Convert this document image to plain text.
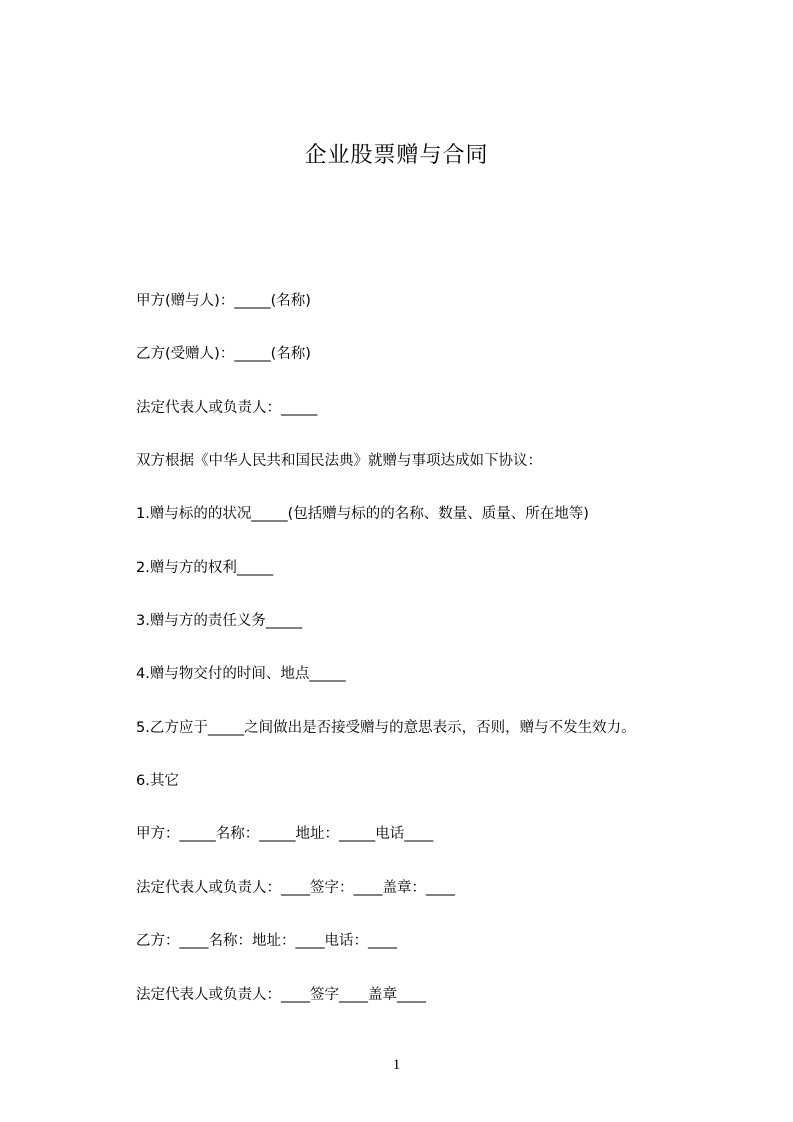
企业股票赠与合同
甲方(赠与人)：_____(名称)
乙方(受赠人)：_____(名称)
法定代表人或负责人：_____
双方根据《中华人民共和国民法典》就赠与事项达成如下协议：
1.赠与标的的状况_____(包括赠与标的的名称、数量、质量、所在地等)
2.赠与方的权利_____
3.赠与方的责任义务_____
4.赠与物交付的时间、地点_____
5.乙方应于_____之间做出是否接受赠与的意思表示，否则，赠与不发生效力。
6.其它
甲方：_____名称：_____地址：_____电话____
法定代表人或负责人：____签字：____盖章：____
乙方：____名称：地址：____电话：____
法定代表人或负责人：____签字____盖章____
1
